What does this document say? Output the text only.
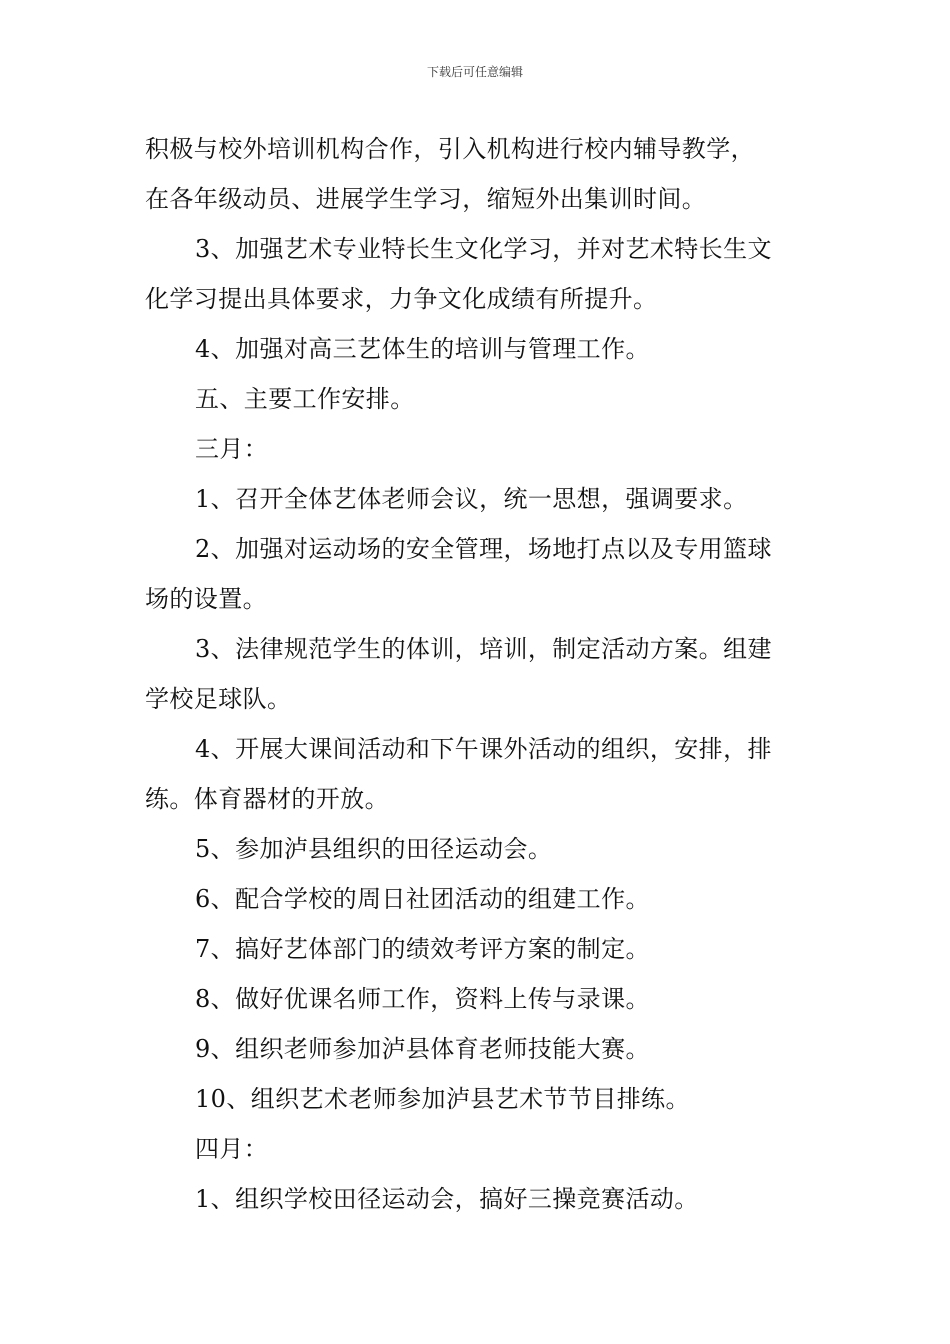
下载后可任意编辑
积极与校外培训机构合作，引入机构进行校内辅导教学，
在各年级动员、进展学生学习，缩短外出集训时间。
3、加强艺术专业特长生文化学习，并对艺术特长生文
化学习提出具体要求，力争文化成绩有所提升。
4、加强对高三艺体生的培训与管理工作。
五、主要工作安排。
三月：
1、召开全体艺体老师会议，统一思想，强调要求。
2、加强对运动场的安全管理，场地打点以及专用篮球
场的设置。
3、法律规范学生的体训，培训，制定活动方案。组建
学校足球队。
4、开展大课间活动和下午课外活动的组织，安排，排
练。体育器材的开放。
5、参加泸县组织的田径运动会。
6、配合学校的周日社团活动的组建工作。
7、搞好艺体部门的绩效考评方案的制定。
8、做好优课名师工作，资料上传与录课。
9、组织老师参加泸县体育老师技能大赛。
10、组织艺术老师参加泸县艺术节节目排练。
四月：
1、组织学校田径运动会，搞好三操竞赛活动。
